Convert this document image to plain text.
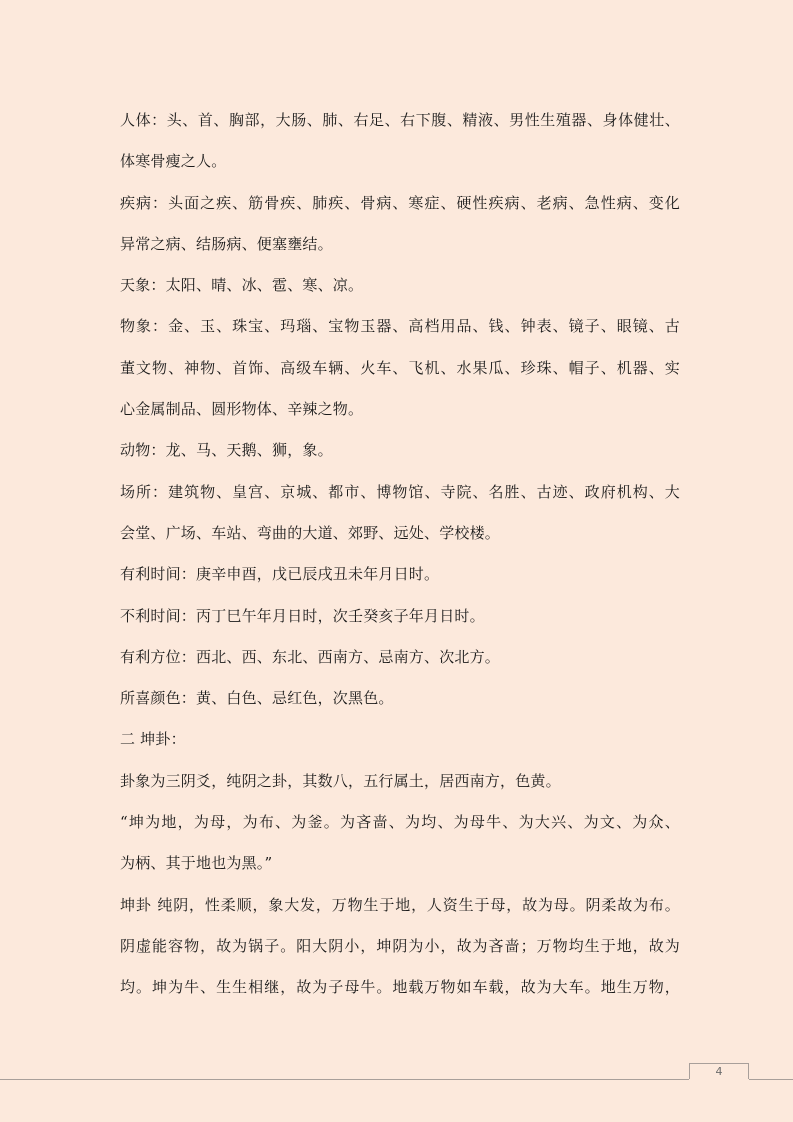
人体：头、首、胸部，大肠、肺、右足、右下腹、精液、男性生殖器、身体健壮、
体寒骨瘦之人。
疾病：头面之疾、筋骨疾、肺疾、骨病、寒症、硬性疾病、老病、急性病、变化
异常之病、结肠病、便塞壅结。
天象：太阳、晴、冰、雹、寒、凉。
物象：金、玉、珠宝、玛瑙、宝物玉器、高档用品、钱、钟表、镜子、眼镜、古
董文物、神物、首饰、高级车辆、火车、飞机、水果瓜、珍珠、帽子、机器、实
心金属制品、圆形物体、辛辣之物。
动物：龙、马、天鹅、狮，象。
场所：建筑物、皇宫、京城、都市、博物馆、寺院、名胜、古迹、政府机构、大
会堂、广场、车站、弯曲的大道、郊野、远处、学校楼。
有利时间：庚辛申酉，戊已辰戌丑未年月日时。
不利时间：丙丁巳午年月日时，次壬癸亥子年月日时。
有利方位：西北、西、东北、西南方、忌南方、次北方。
所喜颜色：黄、白色、忌红色，次黑色。
二 坤卦：
卦象为三阴爻，纯阴之卦，其数八，五行属土，居西南方，色黄。
“坤为地，为母，为布、为釜。为吝啬、为均、为母牛、为大兴、为文、为众、
为柄、其于地也为黑。”
坤卦 纯阴，性柔顺，象大发，万物生于地，人资生于母，故为母。阴柔故为布。
阴虚能容物，故为锅子。阳大阴小，坤阴为小，故为吝啬；万物均生于地，故为
均。坤为牛、生生相继，故为子母牛。地载万物如车载，故为大车。地生万物，
4
